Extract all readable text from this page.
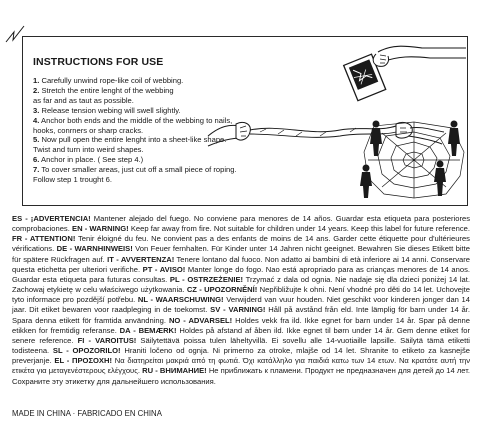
INSTRUCTIONS FOR USE
1. Carefully unwind rope-like coil of webbing.
2. Stretch the entire lenght of the webbing
as far and as taut as possible.
3. Release tension webing will swell slightly.
4. Anchor both ends and the middle of the webbing to nails,
hooks, conrners or sharp cracks.
5. Now pull open the entire lenght into a sheet-like shape.
Twist and turn into weird shapes.
6. Anchor in place. ( See step 4.)
7. To cover smaller areas, just cut off a small piece of roping.
Follow step 1 trought 6.
ES - ¡ADVERTENCIA! Mantener alejado del fuego. No conviene para menores de 14 años. Guardar esta etiqueta para posteriores comprobaciones. EN - WARNING! Keep far away from fire. Not suitable for children under 14 years. Keep this label for future reference. FR - ATTENTION! Tenir éloigné du feu. Ne convient pas a des enfants de moins de 14 ans. Garder cette étiquette pour d'ultérieures vérifications. DE - WARNHINWEIS! Von Feuer fernhalten. Für Kinder unter 14 Jahren nicht geeignet. Bewahren Sie dieses Etikett bitte für spätere Rückfragen auf. IT - AVVERTENZA! Tenere lontano dal fuoco. Non adatto ai bambini di età inferiore ai 14 anni. Conservare questa etichetta per ulteriori verifiche. PT - AVISO! Manter longe do fogo. Nao está apropriado para as crianças menores de 14 anos. Guardar esta etiqueta para futuras consultas. PL - OSTRZEŻENIE! Trzymać z dala od ognia. Nie nadaje się dla dzieci poniżej 14 lat. Zachowaj etykietę w celu właściwego użytkowania. CZ - UPOZORNĚNÍ! Nepřibližujte k ohni. Není vhodné pro děti do 14 let. Uchovejte tyto informace pro pozdější potřebu. NL - WAARSCHUWING! Verwijderd van vuur houden. Niet geschikt voor kinderen jonger dan 14 jaar. Dit etiket bewaren voor raadpleging in de toekomst. SV - VARNING! Håll på avstånd från eld. Inte lämplig för barn under 14 år. Spara denna etikett för framtida användning. NO - ADVARSEL! Holdes vekk fra ild. Ikke egnet for barn under 14 år. Spar på denne etikken for fremtidig referanse. DA - BEMÆRK! Holdes på afstand af åben ild. Ikke egnet til børn under 14 år. Gem denne etiket for senere reference. FI - VAROITUS! Säilytettävä poissa tulen läheltyvillä. Ei sovellu alle 14-vuotiaille lapsille. Säilytä tämä etiketti todisteena. SL - OPOZORILO! Hraniti ločeno od ognja. Ni primerno za otroke, mlajše od 14 let. Shranite to etiketo za kasnejše preverjanje. EL - ΠΡΟΣΟΧΗ! Να διατηρείται μακριά από τη φωτιά. Όχι κατάλληλο για παιδιά κατω των 14 ετων. Να κρατάτε αυτή την ετικέτα για μεταγενέστερους ελέγχους. RU - ВНИМАНИЕ! Не приближать к пламени. Продукт не предназначен для детей до 14 лет. Сохраните эту этикетку для дальнейшего использования.
MADE IN CHINA · FABRICADO EN CHINA
